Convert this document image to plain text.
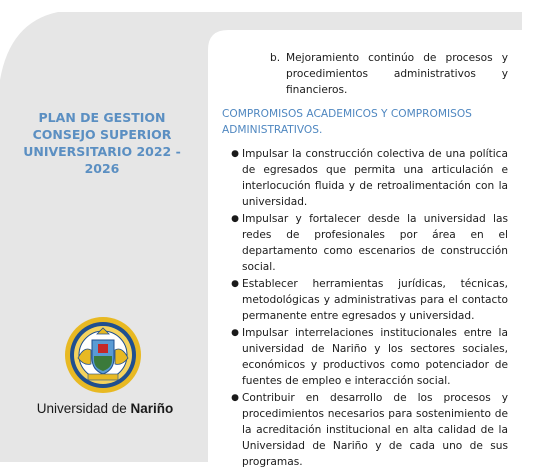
PLAN DE GESTION CONSEJO SUPERIOR UNIVERSITARIO 2022 - 2026
Universidad de Nariño
b. Mejoramiento continúo de procesos y procedimientos administrativos y financieros.
COMPROMISOS ACADEMICOS Y COMPROMISOS ADMINISTRATIVOS.
● Impulsar la construcción colectiva de una política de egresados que permita una articulación e interlocución fluida y de retroalimentación con la universidad.
● Impulsar y fortalecer desde la universidad las redes de profesionales por área en el departamento como escenarios de construcción social.
● Establecer herramientas jurídicas, técnicas, metodológicas y administrativas para el contacto permanente entre egresados y universidad.
● Impulsar interrelaciones institucionales entre la universidad de Nariño y los sectores sociales, económicos y productivos como potenciador de fuentes de empleo e interacción social.
● Contribuir en desarrollo de los procesos y procedimientos necesarios para sostenimiento de la acreditación institucional en alta calidad de la Universidad de Nariño y de cada uno de sus programas.
